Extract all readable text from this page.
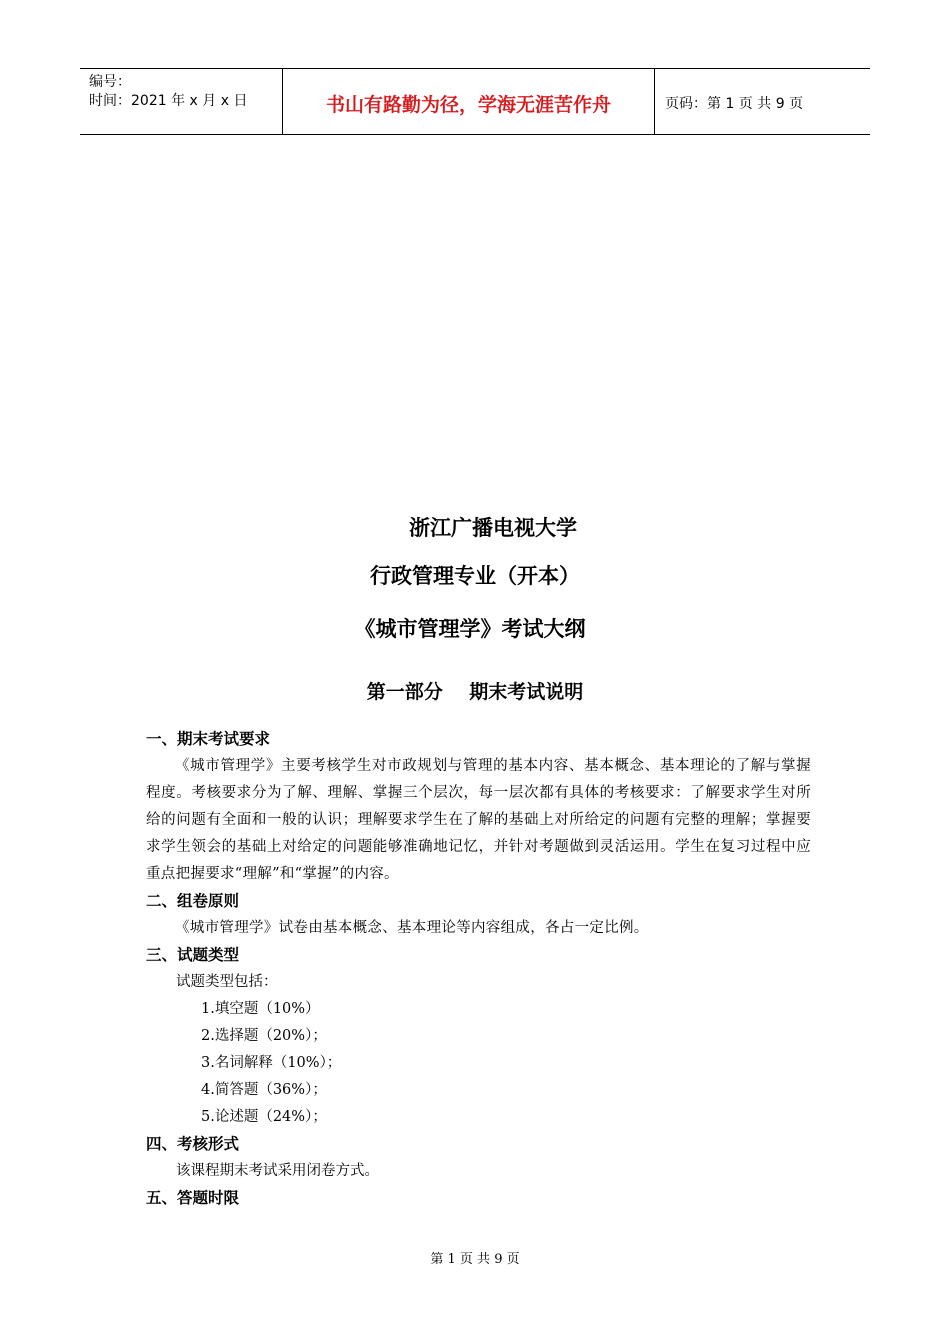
编号：
时间：2021 年 x 月 x 日	书山有路勤为径，学海无涯苦作舟	页码：第 1 页 共 9 页
浙江广播电视大学
行政管理专业（开本）
《城市管理学》考试大纲
第一部分    期末考试说明
一、期末考试要求
《城市管理学》主要考核学生对市政规划与管理的基本内容、基本概念、基本理论的了解与掌握程度。考核要求分为了解、理解、掌握三个层次，每一层次都有具体的考核要求：了解要求学生对所给的问题有全面和一般的认识；理解要求学生在了解的基础上对所给定的问题有完整的理解；掌握要求学生领会的基础上对给定的问题能够准确地记忆，并针对考题做到灵活运用。学生在复习过程中应重点把握要求“理解”和“掌握”的内容。
二、组卷原则
《城市管理学》试卷由基本概念、基本理论等内容组成，各占一定比例。
三、试题类型
试题类型包括：
1.填空题（10%）
2.选择题（20%）；
3.名词解释（10%）；
4.简答题（36%）；
5.论述题（24%）；
四、考核形式
该课程期末考试采用闭卷方式。
五、答题时限
第 1 页 共 9 页
